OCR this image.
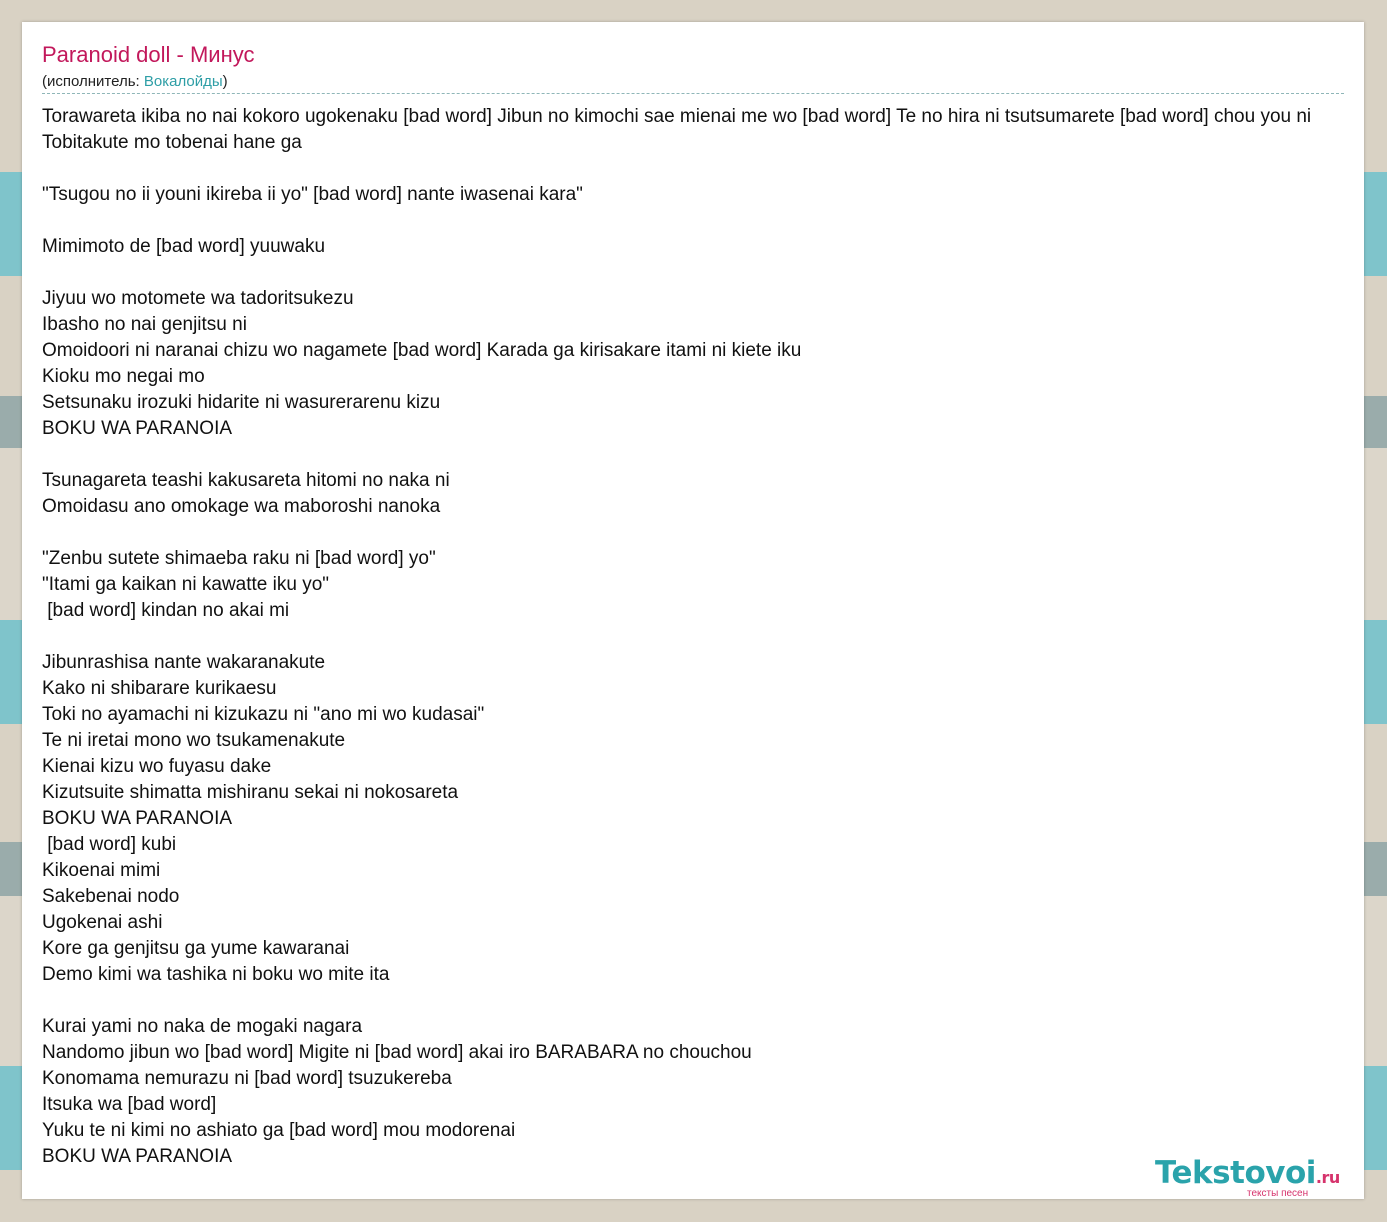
Paranoid doll - Минус
(исполнитель: Вокалойды)
Torawareta ikiba no nai kokoro ugokenaku [bad word] Jibun no kimochi sae mienai me wo [bad word] Te no hira ni tsutsumarete [bad word] chou you ni
Tobitakute mo tobenai hane ga

"Tsugou no ii youni ikireba ii yo" [bad word] nante iwasenai kara"

Mimimoto de [bad word] yuuwaku

Jiyuu wo motomete wa tadoritsukezu
Ibasho no nai genjitsu ni
Omoidoori ni naranai chizu wo nagamete [bad word] Karada ga kirisakare itami ni kiete iku
Kioku mo negai mo
Setsunaku irozuki hidarite ni wasurerarenu kizu
BOKU WA PARANOIA

Tsunagareta teashi kakusareta hitomi no naka ni
Omoidasu ano omokage wa maboroshi nanoka

"Zenbu sutete shimaeba raku ni [bad word] yo"
"Itami ga kaikan ni kawatte iku yo"
[bad word] kindan no akai mi

Jibunrashisa nante wakaranakute
Kako ni shibarare kurikaesu
Toki no ayamachi ni kizukazu ni "ano mi wo kudasai"
Te ni iretai mono wo tsukamenakute
Kienai kizu wo fuyasu dake
Kizutsuite shimatta mishiranu sekai ni nokosareta
BOKU WA PARANOIA
[bad word] kubi
Kikoenai mimi
Sakebenai nodo
Ugokenai ashi
Kore ga genjitsu ga yume kawaranai
Demo kimi wa tashika ni boku wo mite ita

Kurai yami no naka de mogaki nagara
Nandomo jibun wo [bad word] Migite ni [bad word] akai iro BARABARA no chouchou
Konomama nemurazu ni [bad word] tsuzukereba
Itsuka wa [bad word]
Yuku te ni kimi no ashiato ga [bad word] mou modorenai
BOKU WA PARANOIA	Tekstovoi.ru
тексты песен
